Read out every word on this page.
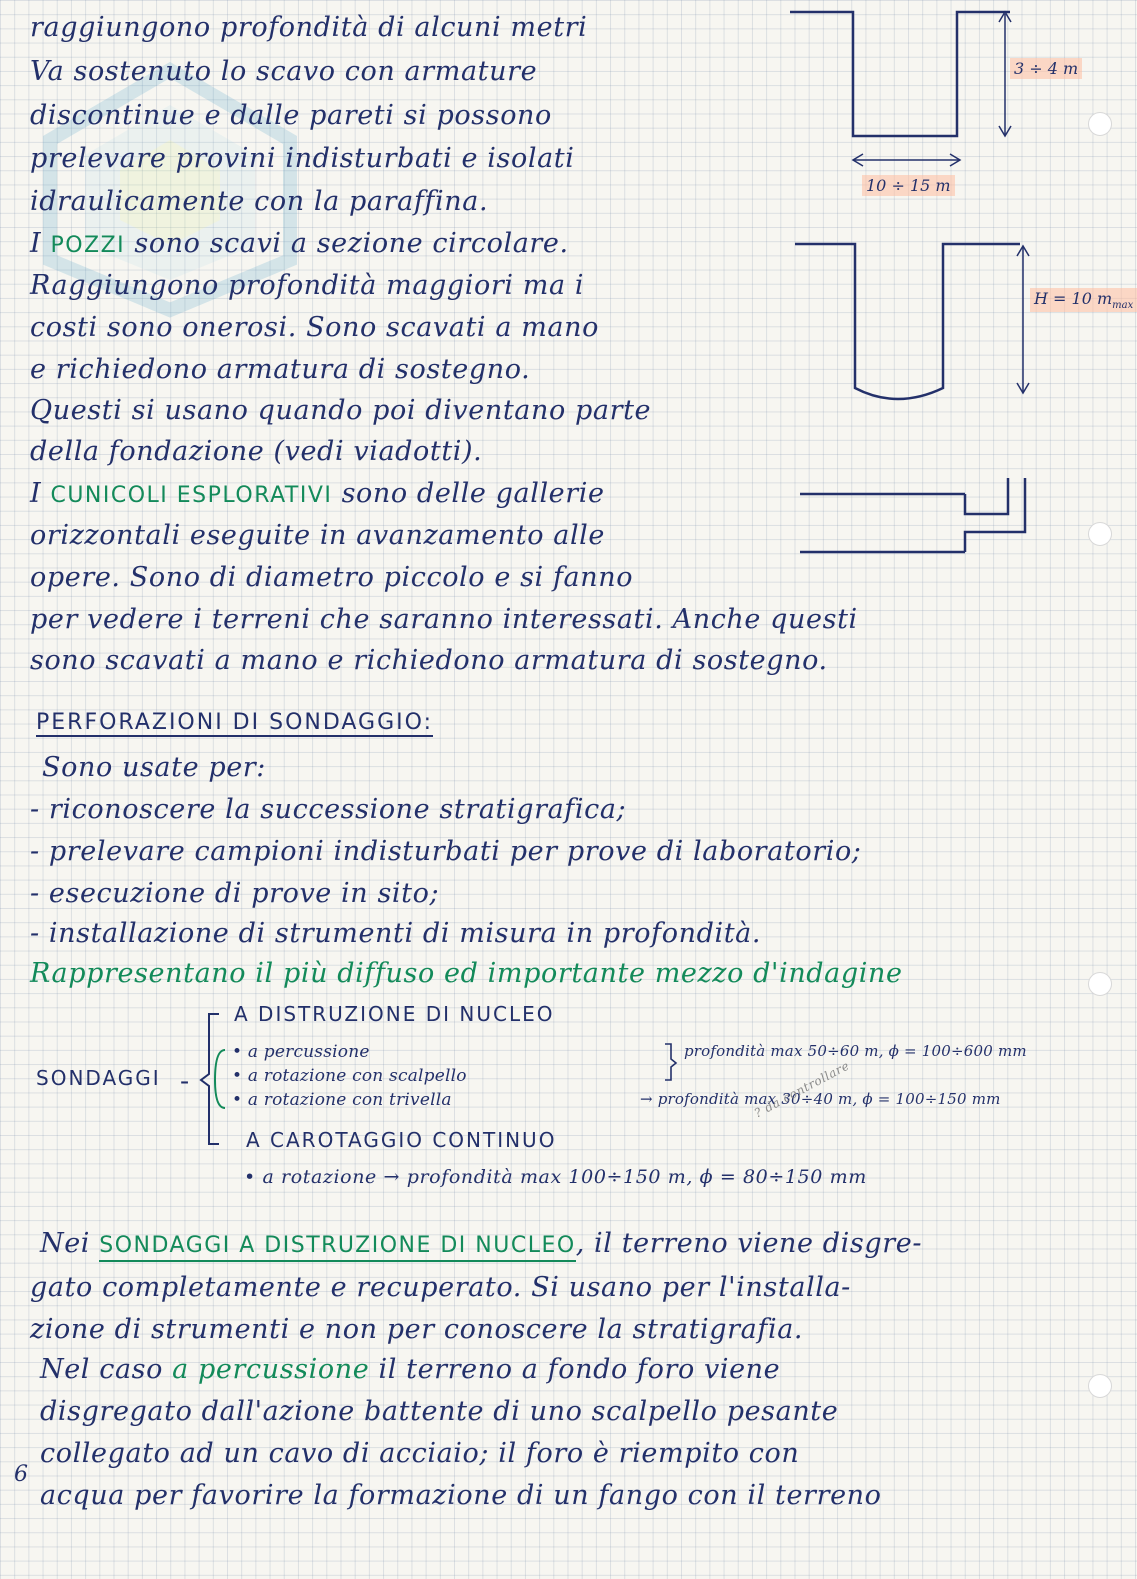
raggiungono profondità di alcuni metri
Va sostenuto lo scavo con armature
discontinue e dalle pareti si possono
prelevare provini indisturbati e isolati
idraulicamente con la paraffina.
I POZZI sono scavi a sezione circolare.
Raggiungono profondità maggiori ma i
costi sono onerosi. Sono scavati a mano
e richiedono armatura di sostegno.
Questi si usano quando poi diventano parte
della fondazione (vedi viadotti).
I CUNICOLI ESPLORATIVI sono delle gallerie
orizzontali eseguite in avanzamento alle
opere. Sono di diametro piccolo e si fanno
per vedere i terreni che saranno interessati. Anche questi
sono scavati a mano e richiedono armatura di sostegno.
3 ÷ 4 m
10 ÷ 15 m
H = 10 $m_{max}$
PERFORAZIONI DI SONDAGGIO:
Sono usate per:
- riconoscere la successione stratigrafica;
- prelevare campioni indisturbati per prove di laboratorio;
- esecuzione di prove in sito;
- installazione di strumenti di misura in profondità.
Rappresentano il più diffuso ed importante mezzo d'indagine
SONDAGGI -
A DISTRUZIONE DI NUCLEO
• a percussione
• a rotazione con scalpello
• a rotazione con trivella
profondità max 50÷60 m, ϕ = 100÷600 mm
→ profondità max 30÷40 m, ϕ = 100÷150 mm
A CAROTAGGIO CONTINUO
• a rotazione → profondità max 100÷150 m, ϕ = 80÷150 mm
? da controllare
Nei SONDAGGI A DISTRUZIONE DI NUCLEO, il terreno viene disgre-
gato completamente e recuperato. Si usano per l'installa-
zione di strumenti e non per conoscere la stratigrafia.
Nel caso a percussione il terreno a fondo foro viene
disgregato dall'azione battente di uno scalpello pesante
collegato ad un cavo di acciaio; il foro è riempito con
acqua per favorire la formazione di un fango con il terreno
6
